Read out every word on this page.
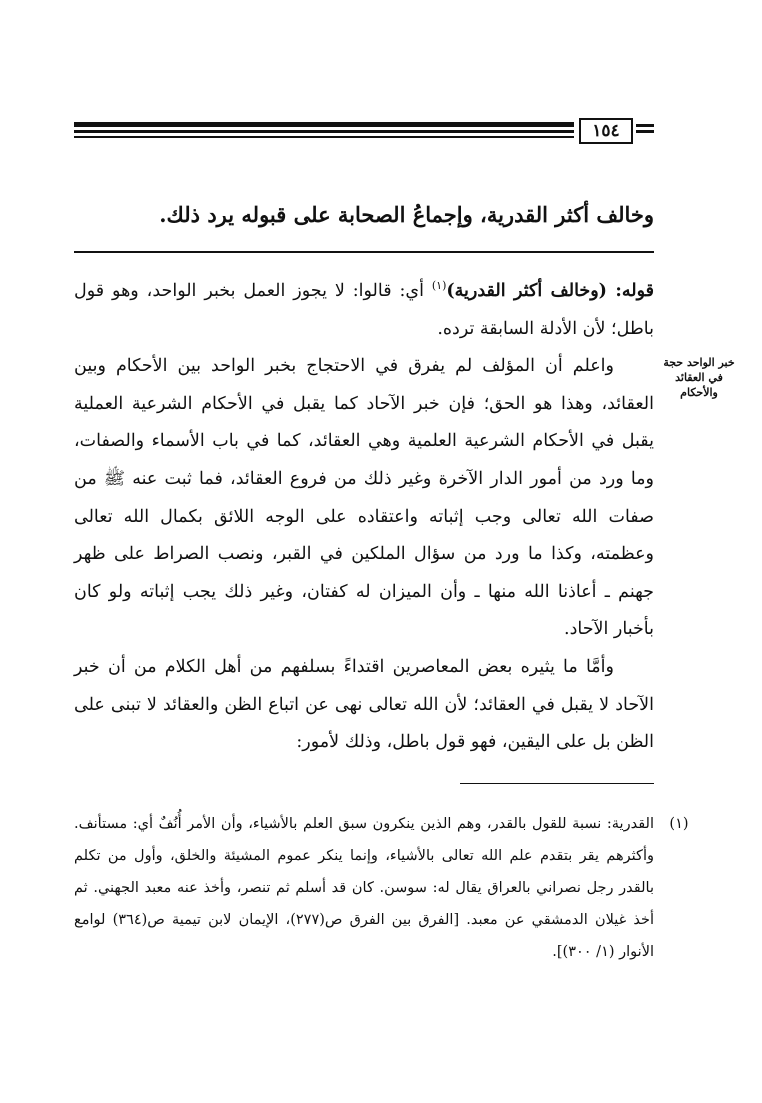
١٥٤
وخالف أكثر القدرية، وإجماعُ الصحابة على قبوله يرد ذلك.
خبر الواحد حجة في العقائد والأحكام

قوله: (وخالف أكثر القدرية)$^{(١)}$ أي: قالوا: لا يجوز العمل بخبر الواحد، وهو قول باطل؛ لأن الأدلة السابقة ترده.

واعلم أن المؤلف لم يفرق في الاحتجاج بخبر الواحد بين الأحكام وبين العقائد، وهذا هو الحق؛ فإن خبر الآحاد كما يقبل في الأحكام الشرعية العملية يقبل في الأحكام الشرعية العلمية وهي العقائد، كما في باب الأسماء والصفات، وما ورد من أمور الدار الآخرة وغير ذلك من فروع العقائد، فما ثبت عنه ﷺ من صفات الله تعالى وجب إثباته واعتقاده على الوجه اللائق بكمال الله تعالى وعظمته، وكذا ما ورد من سؤال الملكين في القبر، ونصب الصراط على ظهر جهنم ـ أعاذنا الله منها ـ وأن الميزان له كفتان، وغير ذلك يجب إثباته ولو كان بأخبار الآحاد.

وأمَّا ما يثيره بعض المعاصرين اقتداءً بسلفهم من أهل الكلام من أن خبر الآحاد لا يقبل في العقائد؛ لأن الله تعالى نهى عن اتباع الظن والعقائد لا تبنى على الظن بل على اليقين، فهو قول باطل، وذلك لأمور:

(١)
القدرية: نسبة للقول بالقدر، وهم الذين ينكرون سبق العلم بالأشياء، وأن الأمر أُنُفٌ أي: مستأنف. وأكثرهم يقر بتقدم علم الله تعالى بالأشياء، وإنما ينكر عموم المشيئة والخلق، وأول من تكلم بالقدر رجل نصراني بالعراق يقال له: سوسن. كان قد أسلم ثم تنصر، وأخذ عنه معبد الجهني. ثم أخذ غيلان الدمشقي عن معبد. [الفرق بين الفرق ص(٢٧٧)، الإيمان لابن تيمية ص(٣٦٤) لوامع الأنوار (١/ ٣٠٠)].
